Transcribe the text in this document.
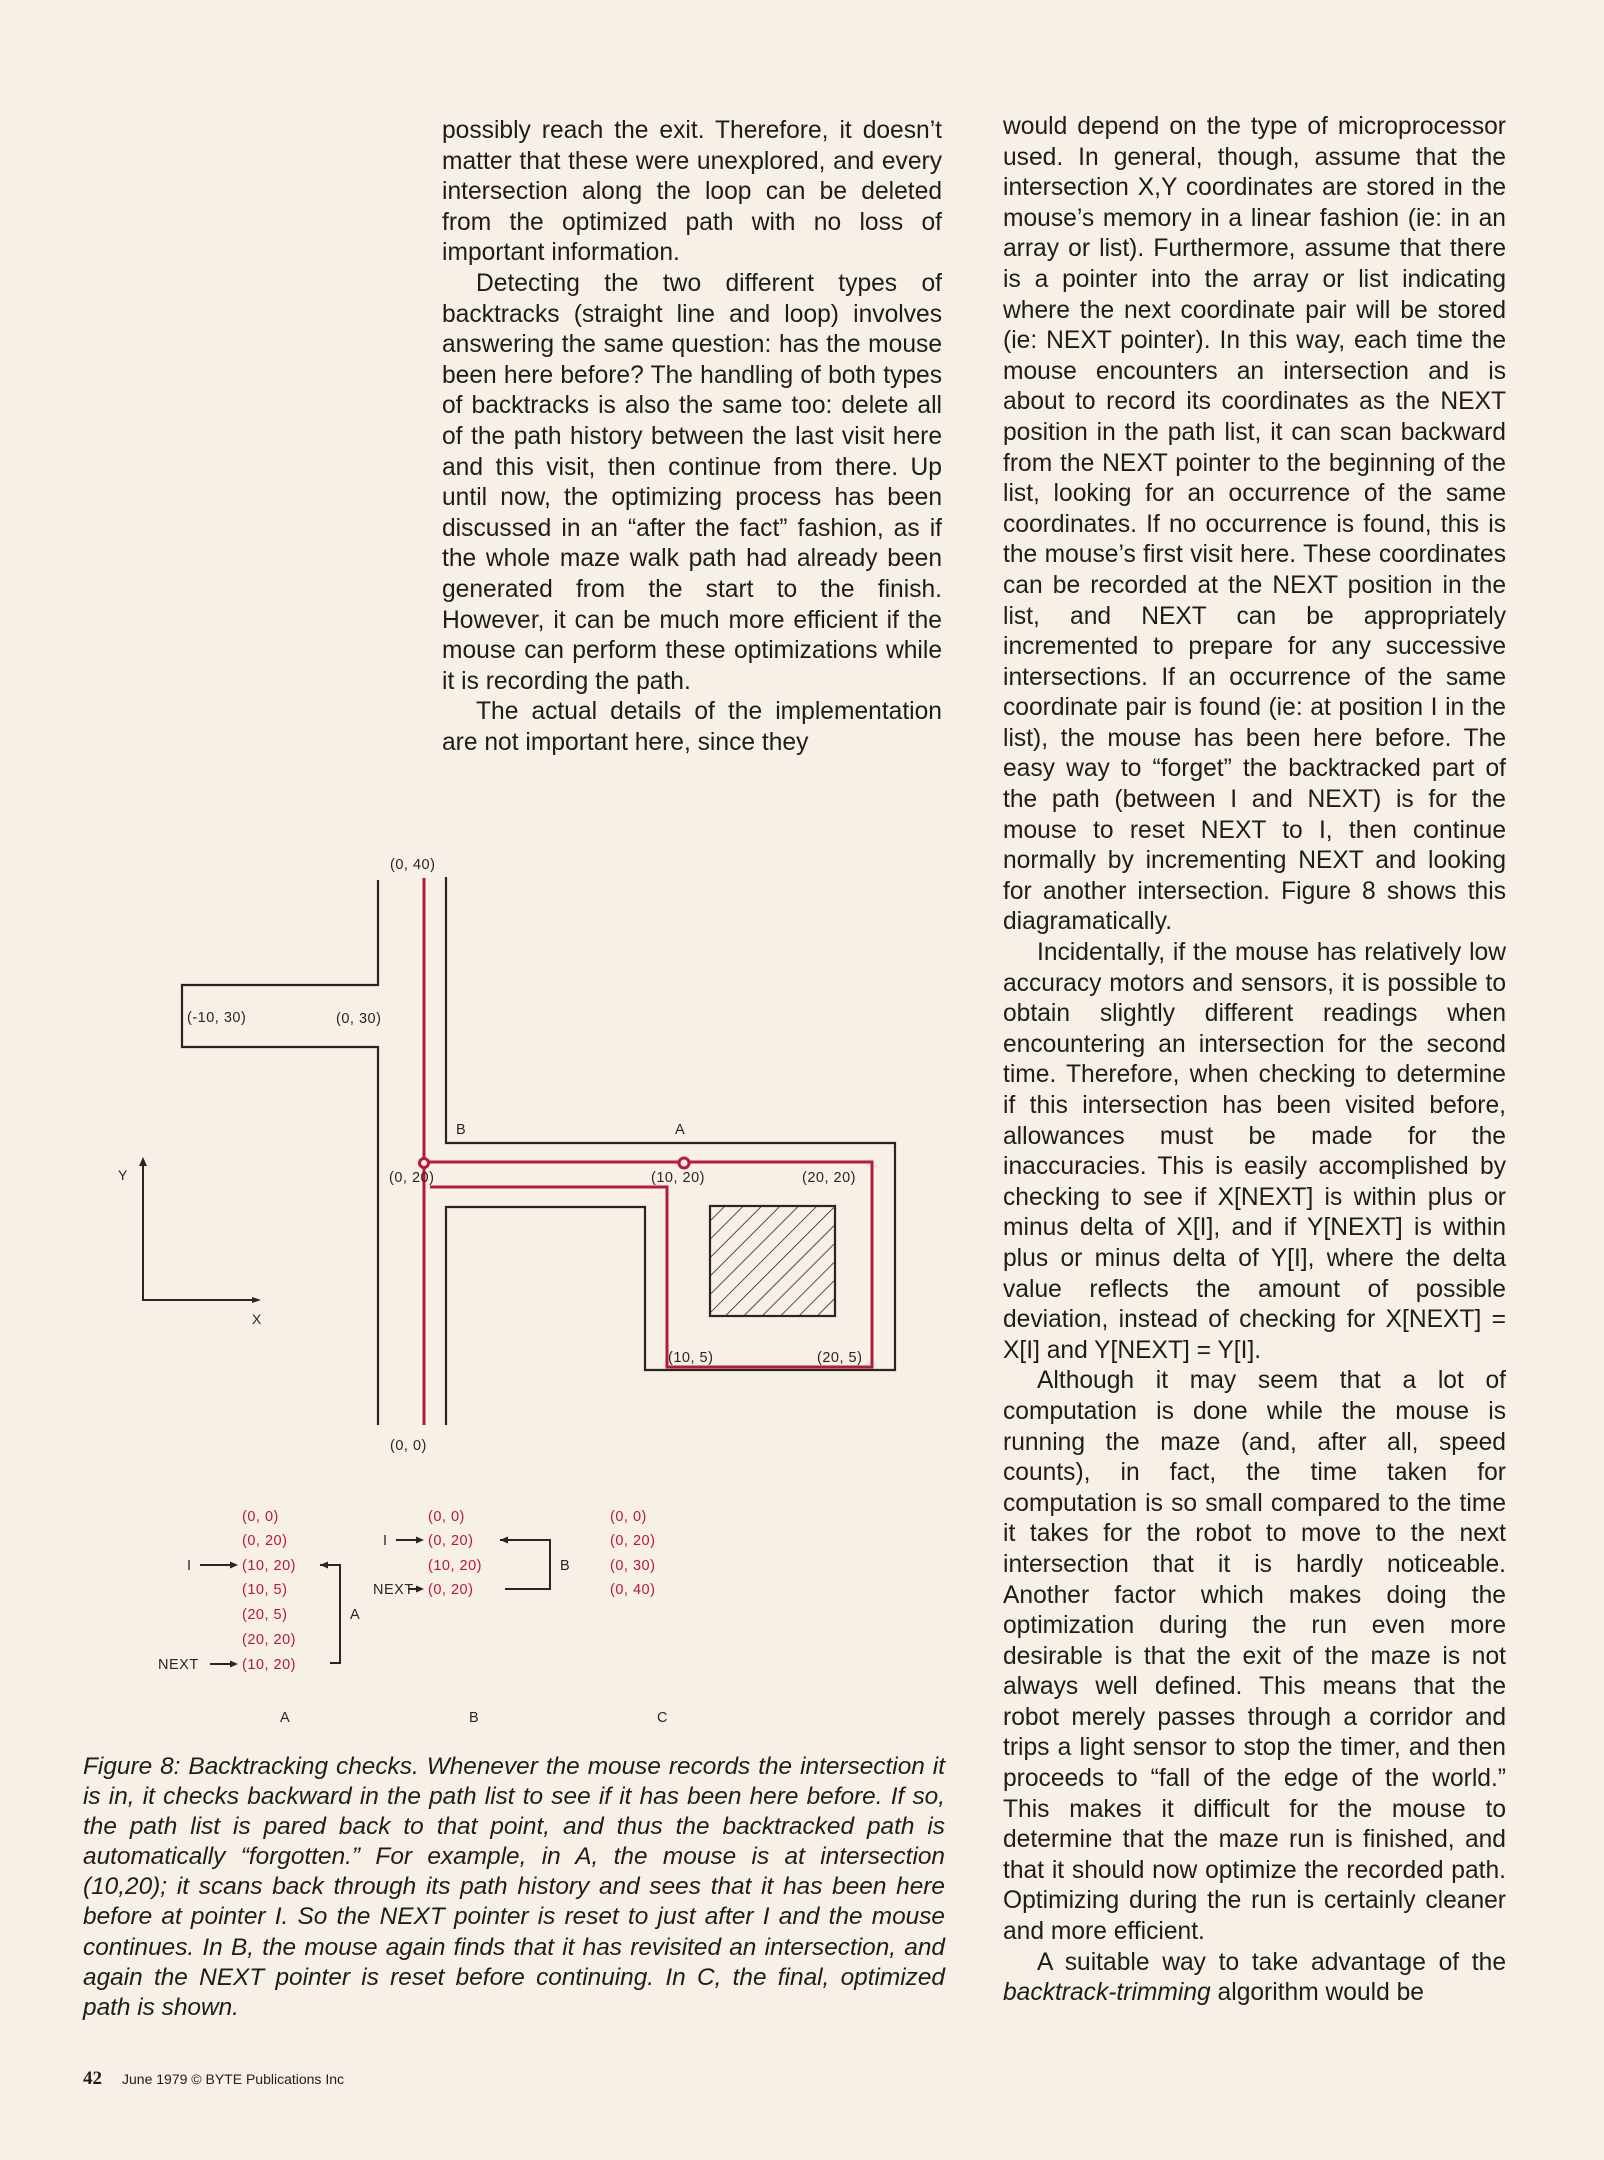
possibly reach the exit. Therefore, it doesn’t matter that these were unexplored, and every intersection along the loop can be deleted from the optimized path with no loss of important information.

Detecting the two different types of backtracks (straight line and loop) involves answering the same question: has the mouse been here before? The handling of both types of backtracks is also the same too: delete all of the path history between the last visit here and this visit, then continue from there. Up until now, the optimizing process has been discussed in an “after the fact” fashion, as if the whole maze walk path had already been generated from the start to the finish. However, it can be much more efficient if the mouse can perform these optimizations while it is recording the path.

The actual details of the implementation are not important here, since they

Y
X
(0, 40)
(-10, 30)	(0, 30)
B	A
(0, 20)	(10, 20)	(20, 20)
(10, 5)	(20, 5)
(0, 0)
(0, 0)
(0, 20)
(10, 20)
(10, 5)
(20, 5)
(20, 20)
(10, 20)
I
NEXT
A
(0, 0)
(0, 20)
(10, 20)
(0, 20)
I
NEXT
B
(0, 0)
(0, 20)
(0, 30)
(0, 40)
A	B	C
Figure 8: Backtracking checks. Whenever the mouse records the intersection it is in, it checks backward in the path list to see if it has been here before. If so, the path list is pared back to that point, and thus the backtracked path is automatically “forgotten.” For example, in A, the mouse is at intersection (10,20); it scans back through its path history and sees that it has been here before at pointer I. So the NEXT pointer is reset to just after I and the mouse continues. In B, the mouse again finds that it has revisited an intersection, and again the NEXT pointer is reset before continuing. In C, the final, optimized path is shown.

would depend on the type of microprocessor used. In general, though, assume that the intersection X,Y coordinates are stored in the mouse’s memory in a linear fashion (ie: in an array or list). Furthermore, assume that there is a pointer into the array or list indicating where the next coordinate pair will be stored (ie: NEXT pointer). In this way, each time the mouse encounters an intersection and is about to record its coordinates as the NEXT position in the path list, it can scan backward from the NEXT pointer to the beginning of the list, looking for an occurrence of the same coordinates. If no occurrence is found, this is the mouse’s first visit here. These coordinates can be recorded at the NEXT position in the list, and NEXT can be appropriately incremented to prepare for any successive intersections. If an occurrence of the same coordinate pair is found (ie: at position I in the list), the mouse has been here before. The easy way to “forget” the backtracked part of the path (between I and NEXT) is for the mouse to reset NEXT to I, then continue normally by incrementing NEXT and looking for another intersection. Figure 8 shows this diagramatically.

Incidentally, if the mouse has relatively low accuracy motors and sensors, it is possible to obtain slightly different readings when encountering an intersection for the second time. Therefore, when checking to determine if this intersection has been visited before, allowances must be made for the inaccuracies. This is easily accomplished by checking to see if X[NEXT] is within plus or minus delta of X[I], and if Y[NEXT] is within plus or minus delta of Y[I], where the delta value reflects the amount of possible deviation, instead of checking for X[NEXT] = X[I] and Y[NEXT] = Y[I].

Although it may seem that a lot of computation is done while the mouse is running the maze (and, after all, speed counts), in fact, the time taken for computation is so small compared to the time it takes for the robot to move to the next intersection that it is hardly noticeable. Another factor which makes doing the optimization during the run even more desirable is that the exit of the maze is not always well defined. This means that the robot merely passes through a corridor and trips a light sensor to stop the timer, and then proceeds to “fall of the edge of the world.” This makes it difficult for the mouse to determine that the maze run is finished, and that it should now optimize the recorded path. Optimizing during the run is certainly cleaner and more efficient.

A suitable way to take advantage of the backtrack-trimming algorithm would be

42 June 1979 © BYTE Publications Inc
